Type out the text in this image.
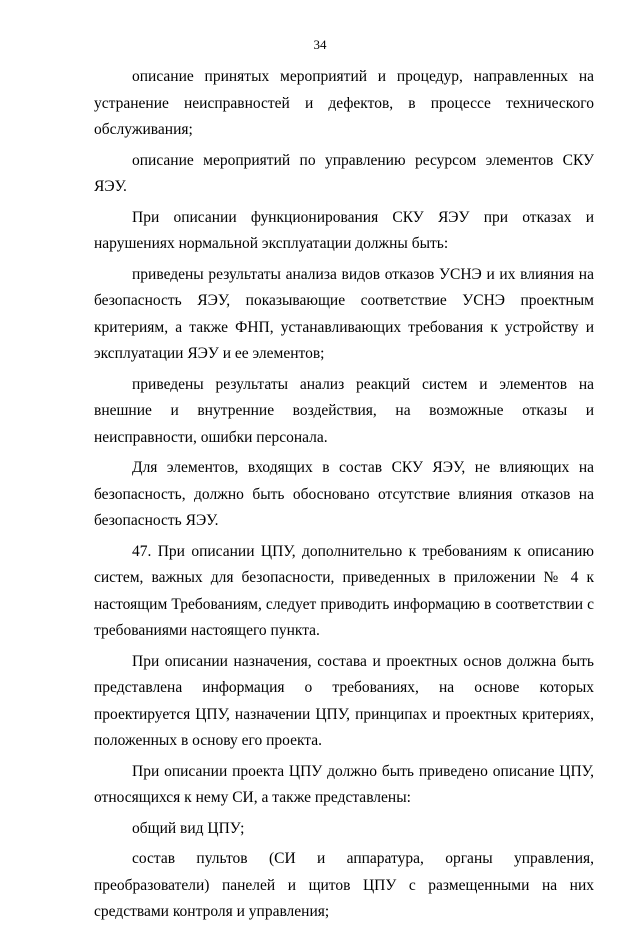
34

описание принятых мероприятий и процедур, направленных на устранение неисправностей и дефектов, в процессе технического обслуживания;

описание мероприятий по управлению ресурсом элементов СКУ ЯЭУ.

При описании функционирования СКУ ЯЭУ при отказах и нарушениях нормальной эксплуатации должны быть:

приведены результаты анализа видов отказов УСНЭ и их влияния на безопасность ЯЭУ, показывающие соответствие УСНЭ проектным критериям, а также ФНП, устанавливающих требования к устройству и эксплуатации ЯЭУ и ее элементов;

приведены результаты анализ реакций систем и элементов на внешние и внутренние воздействия, на возможные отказы и неисправности, ошибки персонала.

Для элементов, входящих в состав СКУ ЯЭУ, не влияющих на безопасность, должно быть обосновано отсутствие влияния отказов на безопасность ЯЭУ.

47. При описании ЦПУ, дополнительно к требованиям к описанию систем, важных для безопасности, приведенных в приложении № 4 к настоящим Требованиям, следует приводить информацию в соответствии с требованиями настоящего пункта.

При описании назначения, состава и проектных основ должна быть представлена информация о требованиях, на основе которых проектируется ЦПУ, назначении ЦПУ, принципах и проектных критериях, положенных в основу его проекта.

При описании проекта ЦПУ должно быть приведено описание ЦПУ, относящихся к нему СИ, а также представлены:

общий вид ЦПУ;

состав пультов (СИ и аппаратура, органы управления, преобразователи) панелей и щитов ЦПУ с размещенными на них средствами контроля и управления;
